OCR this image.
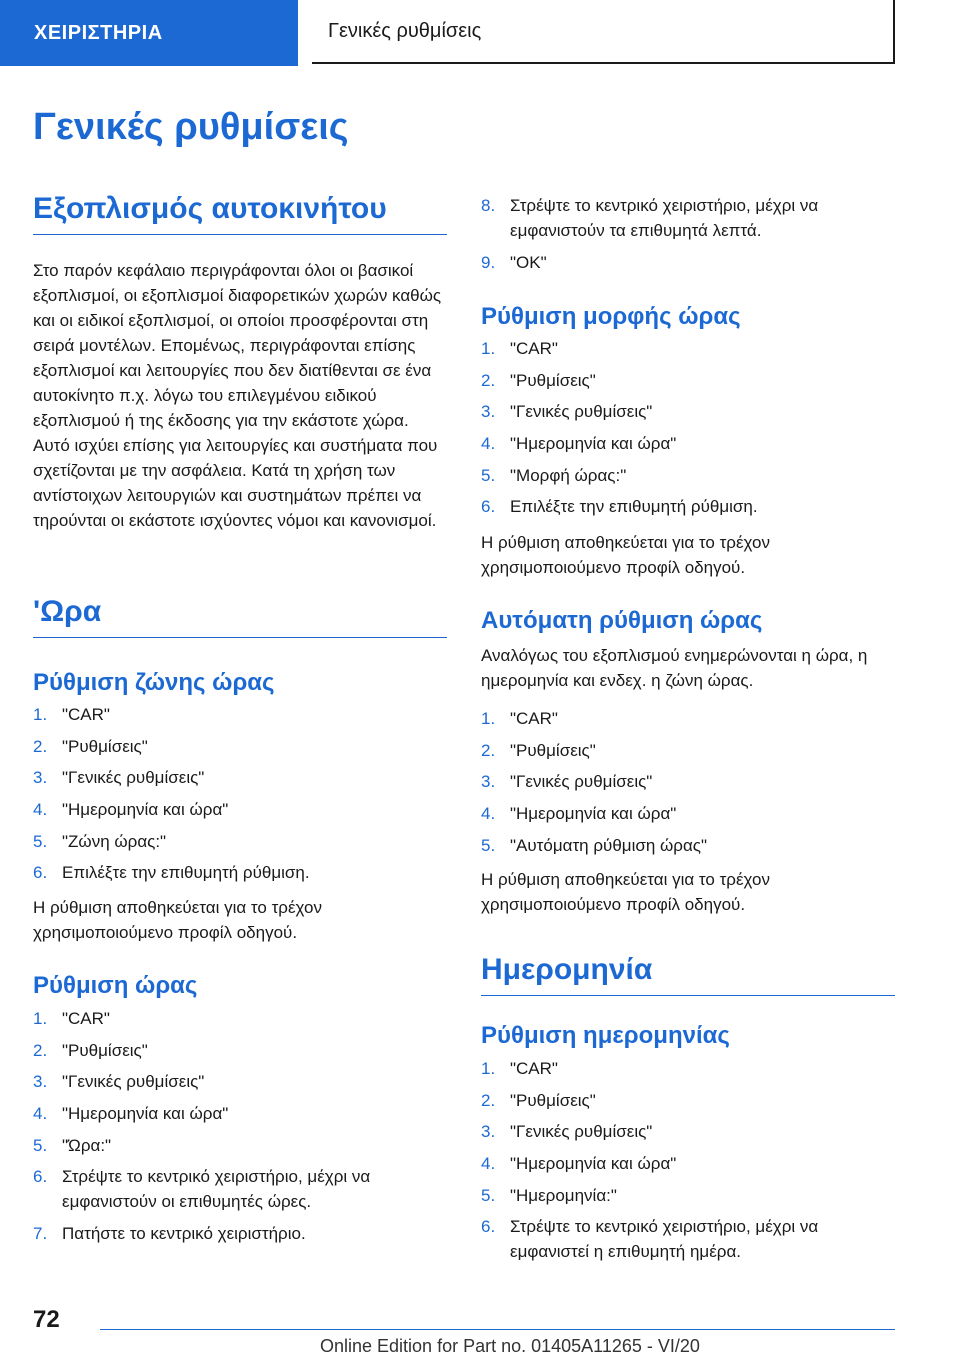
ΧΕΙΡΙΣΤΗΡΙΑ	Γενικές ρυθμίσεις
Γενικές ρυθμίσεις
Εξοπλισμός αυτοκινήτου

Στο παρόν κεφάλαιο περιγράφονται όλοι οι βασικοί εξοπλισμοί, οι εξοπλισμοί διαφορετικών χωρών καθώς και οι ειδικοί εξοπλισμοί, οι οποίοι προσφέρονται στη σειρά μοντέλων. Επομένως, περιγράφονται επίσης εξοπλισμοί και λειτουργίες που δεν διατίθενται σε ένα αυτοκίνητο π.χ. λόγω του επιλεγμένου ειδικού εξοπλισμού ή της έκδοσης για την εκάστοτε χώρα. Αυτό ισχύει επίσης για λειτουργίες και συστήματα που σχετίζονται με την ασφάλεια. Κατά τη χρήση των αντίστοιχων λειτουργιών και συστημάτων πρέπει να τηρούνται οι εκάστοτε ισχύοντες νόμοι και κανονισμοί.

'Ωρα
Ρύθμιση ζώνης ώρας
1. "CAR"
2. "Ρυθμίσεις"
3. "Γενικές ρυθμίσεις"
4. "Ημερομηνία και ώρα"
5. "Ζώνη ώρας:"
6. Επιλέξτε την επιθυμητή ρύθμιση.

Η ρύθμιση αποθηκεύεται για το τρέχον χρησιμοποιούμενο προφίλ οδηγού.

Ρύθμιση ώρας
1. "CAR"
2. "Ρυθμίσεις"
3. "Γενικές ρυθμίσεις"
4. "Ημερομηνία και ώρα"
5. "Ώρα:"
6. Στρέψτε το κεντρικό χειριστήριο, μέχρι να εμφανιστούν οι επιθυμητές ώρες.
7. Πατήστε το κεντρικό χειριστήριο.
8. Στρέψτε το κεντρικό χειριστήριο, μέχρι να εμφανιστούν τα επιθυμητά λεπτά.
9. "OK"
Ρύθμιση μορφής ώρας
1. "CAR"
2. "Ρυθμίσεις"
3. "Γενικές ρυθμίσεις"
4. "Ημερομηνία και ώρα"
5. "Μορφή ώρας:"
6. Επιλέξτε την επιθυμητή ρύθμιση.

Η ρύθμιση αποθηκεύεται για το τρέχον χρησιμοποιούμενο προφίλ οδηγού.

Αυτόματη ρύθμιση ώρας

Αναλόγως του εξοπλισμού ενημερώνονται η ώρα, η ημερομηνία και ενδεχ. η ζώνη ώρας.

1. "CAR"
2. "Ρυθμίσεις"
3. "Γενικές ρυθμίσεις"
4. "Ημερομηνία και ώρα"
5. "Αυτόματη ρύθμιση ώρας"

Η ρύθμιση αποθηκεύεται για το τρέχον χρησιμοποιούμενο προφίλ οδηγού.

Ημερομηνία
Ρύθμιση ημερομηνίας
1. "CAR"
2. "Ρυθμίσεις"
3. "Γενικές ρυθμίσεις"
4. "Ημερομηνία και ώρα"
5. "Ημερομηνία:"
6. Στρέψτε το κεντρικό χειριστήριο, μέχρι να εμφανιστεί η επιθυμητή ημέρα.
72
Online Edition for Part no. 01405A11265 - VI/20
